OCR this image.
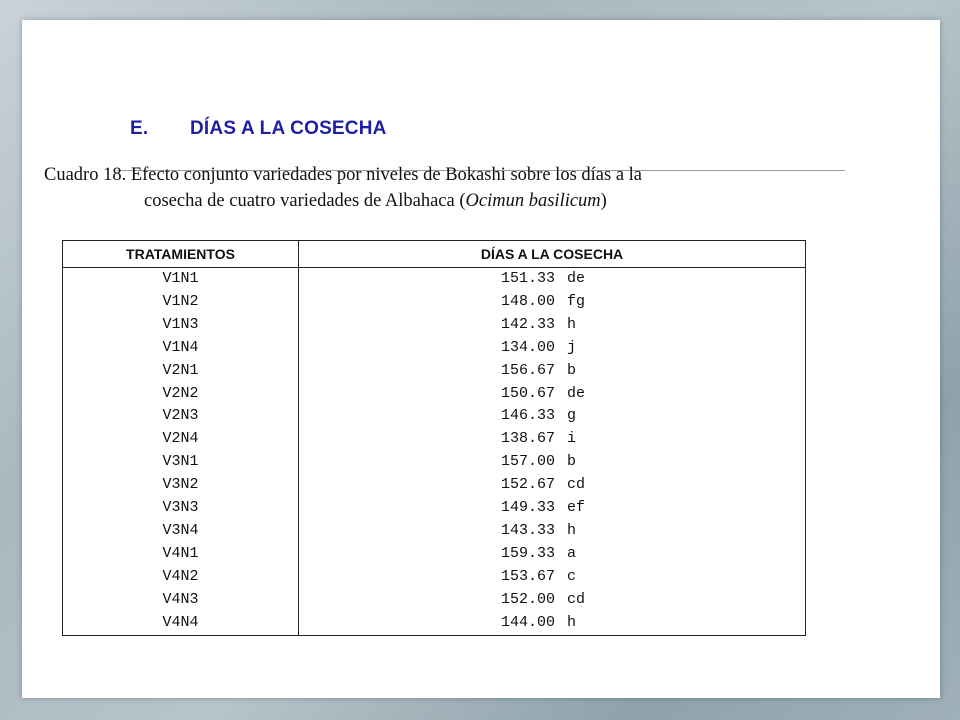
E. DÍAS A LA COSECHA
Cuadro 18. Efecto conjunto variedades por niveles de Bokashi sobre los días a la
cosecha de cuatro variedades de Albahaca (Ocimun basilicum)
TRATAMIENTOS	DÍAS A LA COSECHA
V1N1	151.33 de
V1N2	148.00 fg
V1N3	142.33 h
V1N4	134.00 j
V2N1	156.67 b
V2N2	150.67 de
V2N3	146.33 g
V2N4	138.67 i
V3N1	157.00 b
V3N2	152.67 cd
V3N3	149.33 ef
V3N4	143.33 h
V4N1	159.33 a
V4N2	153.67 c
V4N3	152.00 cd
V4N4	144.00 h
